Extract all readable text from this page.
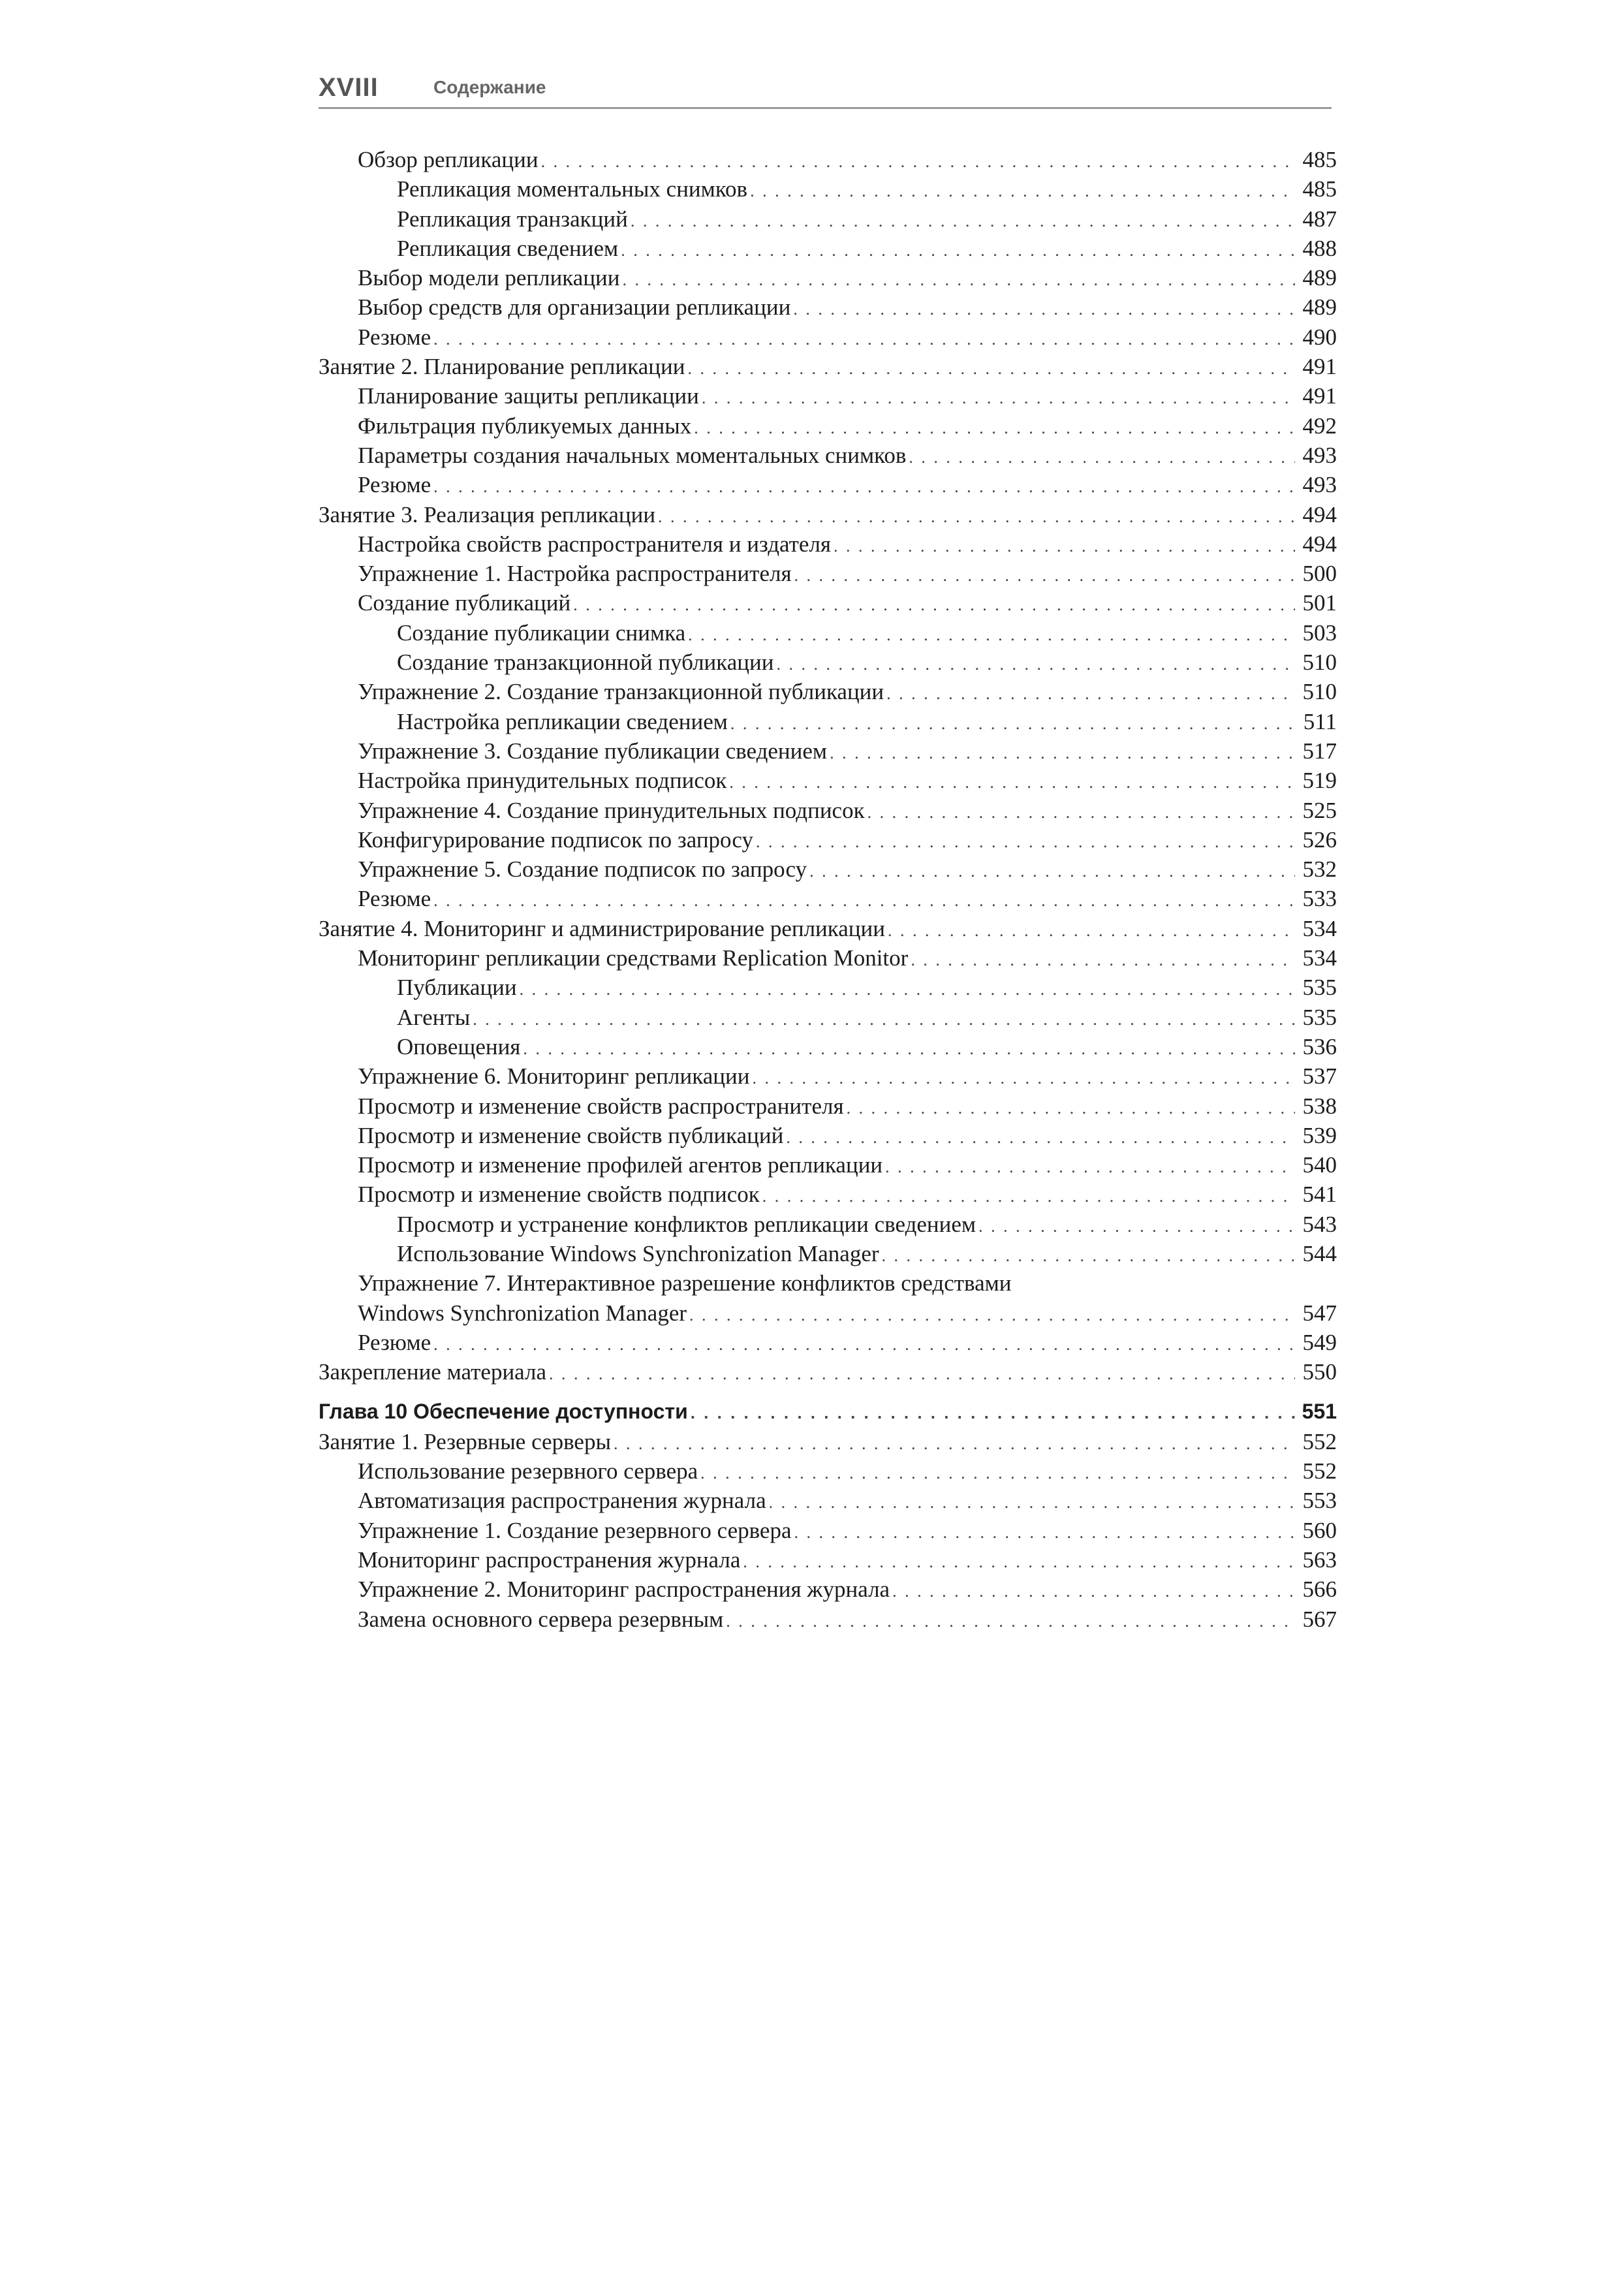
XVIII	Содержание
Обзор репликации . . .	485
Репликация моментальных снимков . . .	485
Репликация транзакций . . .	487
Репликация сведением . . .	488
Выбор модели репликации . . .	489
Выбор средств для организации репликации . . .	489
Резюме . . .	490
Занятие 2. Планирование репликации . . .	491
Планирование защиты репликации . . .	491
Фильтрация публикуемых данных . . .	492
Параметры создания начальных моментальных снимков . . .	493
Резюме . . .	493
Занятие 3. Реализация репликации . . .	494
Настройка свойств распространителя и издателя . . .	494
Упражнение 1. Настройка распространителя . . .	500
Создание публикаций . . .	501
Создание публикации снимка . . .	503
Создание транзакционной публикации . . .	510
Упражнение 2. Создание транзакционной публикации . . .	510
Настройка репликации сведением . . .	511
Упражнение 3. Создание публикации сведением . . .	517
Настройка принудительных подписок . . .	519
Упражнение 4. Создание принудительных подписок . . .	525
Конфигурирование подписок по запросу . . .	526
Упражнение 5. Создание подписок по запросу . . .	532
Резюме . . .	533
Занятие 4. Мониторинг и администрирование репликации . . .	534
Мониторинг репликации средствами Replication Monitor . . .	534
Публикации . . .	535
Агенты . . .	535
Оповещения . . .	536
Упражнение 6. Мониторинг репликации . . .	537
Просмотр и изменение свойств распространителя . . .	538
Просмотр и изменение свойств публикаций . . .	539
Просмотр и изменение профилей агентов репликации . . .	540
Просмотр и изменение свойств подписок . . .	541
Просмотр и устранение конфликтов репликации сведением . . .	543
Использование Windows Synchronization Manager . . .	544
Упражнение 7. Интерактивное разрешение конфликтов средствами
Windows Synchronization Manager . . .	547
Резюме . . .	549
Закрепление материала . . .	550
Глава 10 Обеспечение доступности . . .	551
Занятие 1. Резервные серверы . . .	552
Использование резервного сервера . . .	552
Автоматизация распространения журнала . . .	553
Упражнение 1. Создание резервного сервера . . .	560
Мониторинг распространения журнала . . .	563
Упражнение 2. Мониторинг распространения журнала . . .	566
Замена основного сервера резервным . . .	567
